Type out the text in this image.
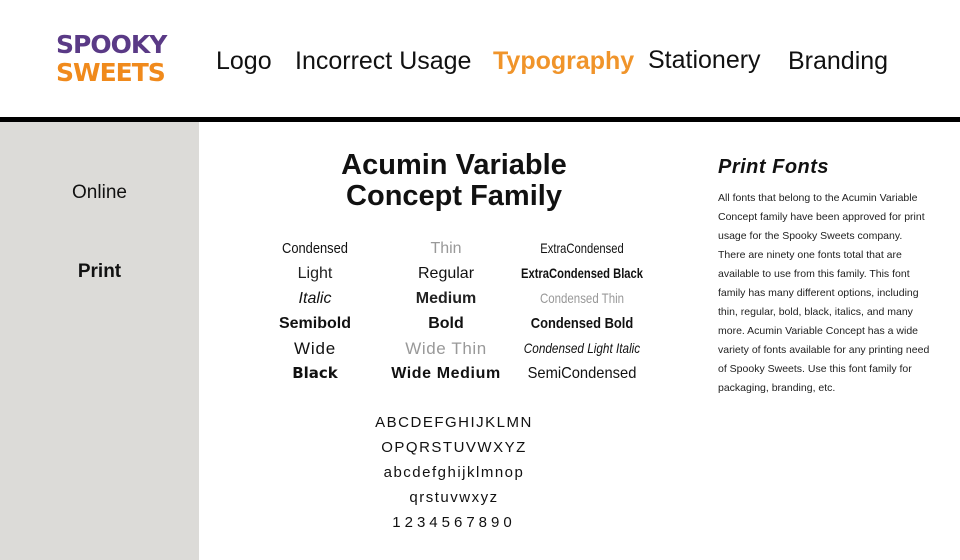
SPOOKY
SWEETS Logo Incorrect Usage Typography Stationery Branding
Online
Print
Acumin Variable
Concept Family
Condensed
Light
Italic
Semibold
Wide
Black
Thin
Regular
Medium
Bold
Wide Thin
Wide Medium
ExtraCondensed
ExtraCondensed Black
Condensed Thin
Condensed Bold
Condensed Light Italic
SemiCondensed
ABCDEFGHIJKLMN
OPQRSTUVWXYZ
abcdefghijklmnop
qrstuvwxyz
1234567890
Print Fonts

All fonts that belong to the Acumin Variable Concept family have been approved for print usage for the Spooky Sweets company. There are ninety one fonts total that are available to use from this family. This font family has many different options, including thin, regular, bold, black, italics, and many more. Acumin Variable Concept has a wide variety of fonts available for any printing need of Spooky Sweets. Use this font family for packaging, branding, etc.
